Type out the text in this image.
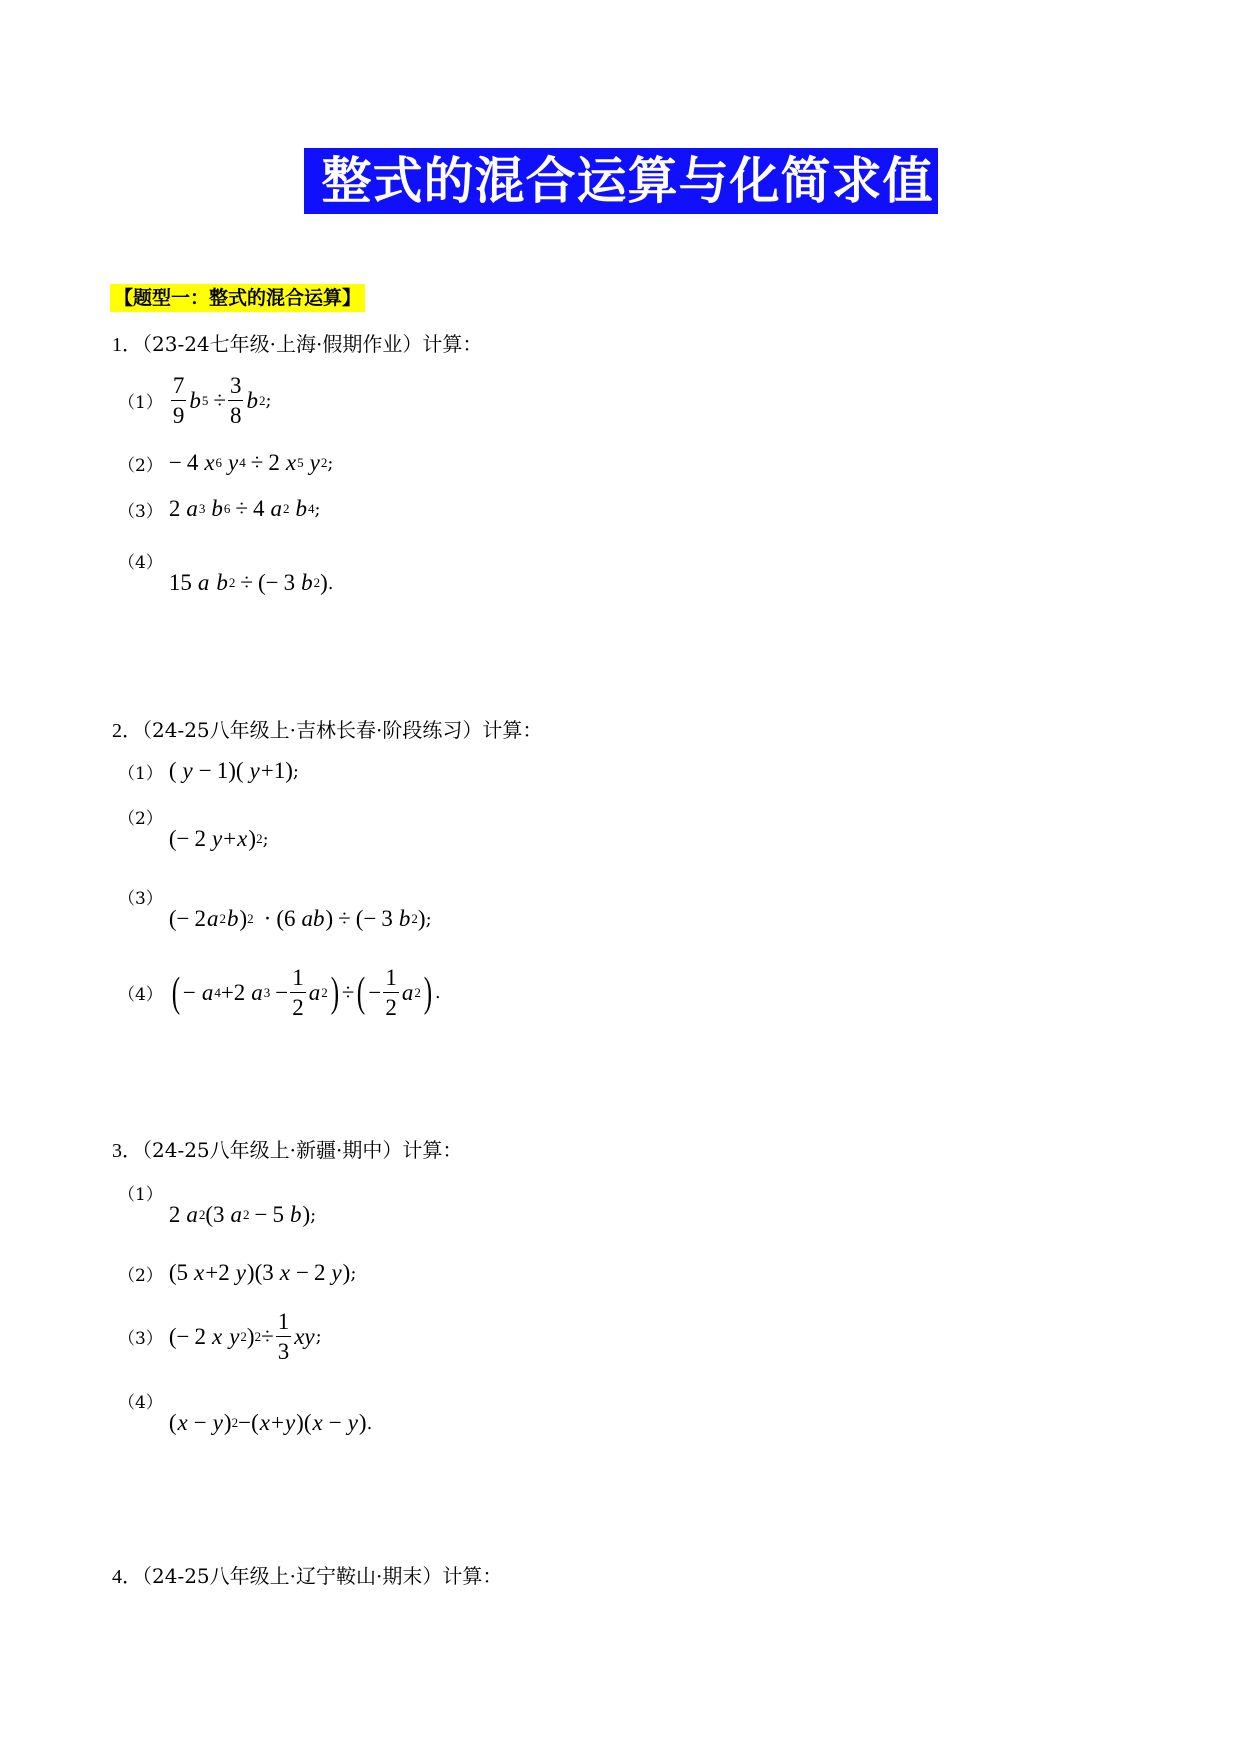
整式的混合运算与化简求值
【题型一：整式的混合运算】
1．（23-24七年级·上海·假期作业）计算：
$(1) \frac{7}{9}$ b $5 \div \frac{3}{8}$ b 2 ;
（2） − 4 x 6 y 4 ÷ 2 x 5 y 2 ;
（3） 2 a 3 b 6 ÷ 4 a 2 b 4 ;
（4）
15 a b 2 ÷ (− 3 b 2 ) .
2．（24-25八年级上·吉林长春·阶段练习）计算：
（1） ( y − 1)( y +1) ;
（2）
(− 2 y + x ) 2 ;
（3）
(− 2 a 2 b ) 2 · (6 ab ) ÷ (− 3 b 2 ) ;
（4） ( − a 4 +2 a $3 - \frac{1}{2}$ a 2 ) ÷ ( − $\frac{1}{2}$ a 2 ) .
3．（24-25八年级上·新疆·期中）计算：
（1）
2 a 2 (3 a 2 − 5 b ) ;
（2） (5 x +2 y )(3 x − 2 y ) ;
（3） (− 2 x y 2 ) $2 \div \frac{1}{3}$ xy ;
（4）
( x − y ) 2 −( x + y )( x − y ) .
4．（24-25八年级上·辽宁鞍山·期末）计算：
